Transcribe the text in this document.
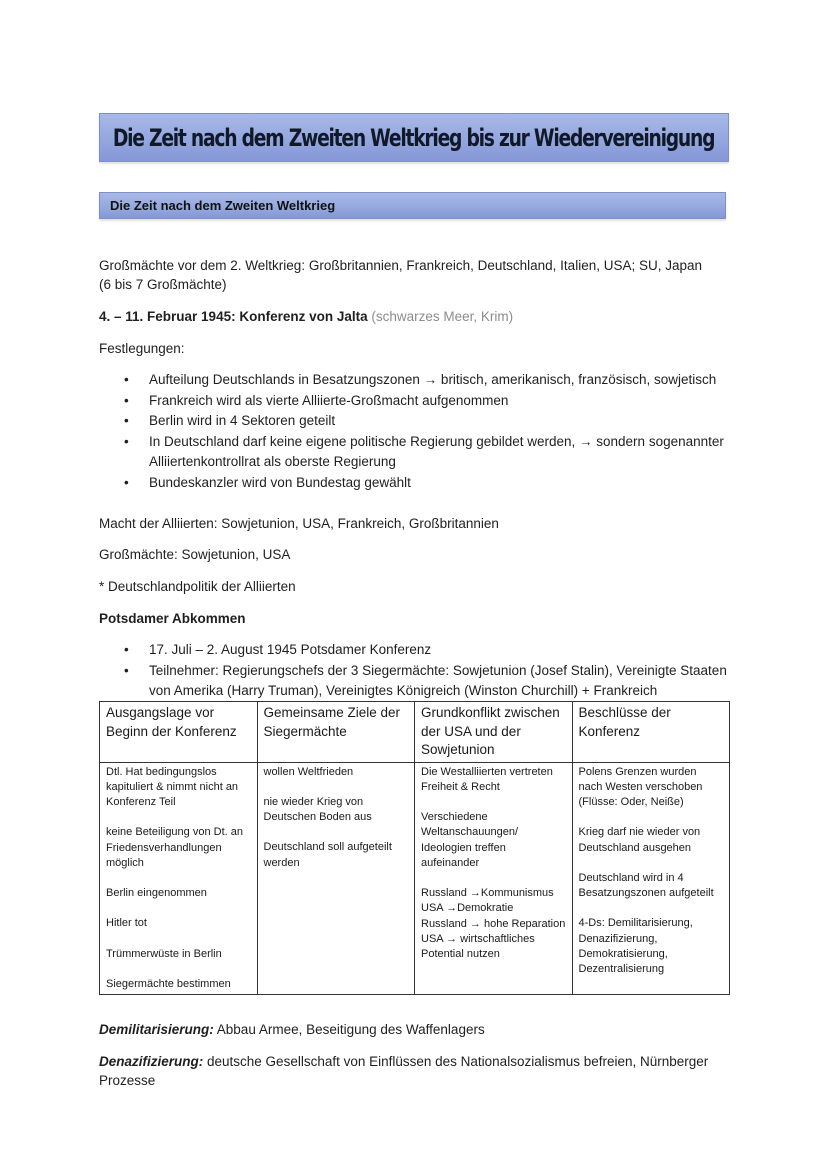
Die Zeit nach dem Zweiten Weltkrieg bis zur Wiedervereinigung
Die Zeit nach dem Zweiten Weltkrieg
Großmächte vor dem 2. Weltkrieg: Großbritannien, Frankreich, Deutschland, Italien, USA; SU, Japan
(6 bis 7 Großmächte)
4. – 11. Februar 1945: Konferenz von Jalta (schwarzes Meer, Krim)
Festlegungen:
• Aufteilung Deutschlands in Besatzungszonen → britisch, amerikanisch, französisch, sowjetisch
• Frankreich wird als vierte Alliierte-Großmacht aufgenommen
• Berlin wird in 4 Sektoren geteilt
• In Deutschland darf keine eigene politische Regierung gebildet werden, → sondern sogenannter Alliiertenkontrollrat als oberste Regierung
• Bundeskanzler wird von Bundestag gewählt
Macht der Alliierten: Sowjetunion, USA, Frankreich, Großbritannien
Großmächte: Sowjetunion, USA
* Deutschlandpolitik der Alliierten
Potsdamer Abkommen
• 17. Juli – 2. August 1945 Potsdamer Konferenz
• Teilnehmer: Regierungschefs der 3 Siegermächte: Sowjetunion (Josef Stalin), Vereinigte Staaten von Amerika (Harry Truman), Vereinigtes Königreich (Winston Churchill) + Frankreich
Ausgangslage vor Beginn der Konferenz	Gemeinsame Ziele der Siegermächte	Grundkonflikt zwischen der USA und der Sowjetunion	Beschlüsse der Konferenz

Dtl. Hat bedingungslos kapituliert & nimmt nicht an Konferenz Teil
keine Beteiligung von Dt. an Friedensverhandlungen möglich
Berlin eingenommen
Hitler tot
Trümmerwüste in Berlin
Siegermächte bestimmen

wollen Weltfrieden
nie wieder Krieg von Deutschen Boden aus
Deutschland soll aufgeteilt werden

Die Westalliierten vertreten Freiheit & Recht
Verschiedene Weltanschauungen/ Ideologien treffen aufeinander
Russland →Kommunismus
USA →Demokratie
Russland → hohe Reparation
USA → wirtschaftliches Potential nutzen

Polens Grenzen wurden nach Westen verschoben (Flüsse: Oder, Neiße)
Krieg darf nie wieder von Deutschland ausgehen
Deutschland wird in 4 Besatzungszonen aufgeteilt
4-Ds: Demilitarisierung, Denazifizierung, Demokratisierung, Dezentralisierung
Demilitarisierung: Abbau Armee, Beseitigung des Waffenlagers
Denazifizierung: deutsche Gesellschaft von Einflüssen des Nationalsozialismus befreien, Nürnberger Prozesse
